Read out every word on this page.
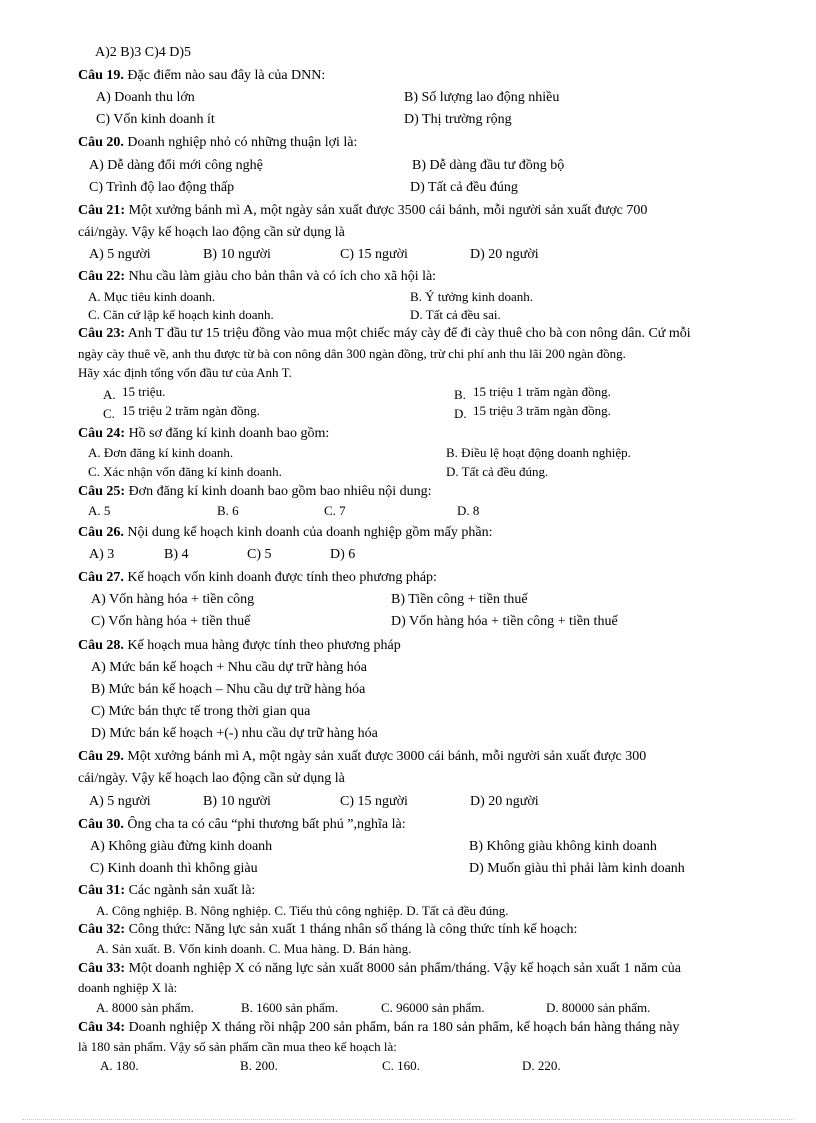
A)2 B)3 C)4 D)5
Câu 19. Đặc điểm nào sau đây là của DNN:
A) Doanh thu lớn	B) Số lượng lao động nhiều
C) Vốn kinh doanh ít	D) Thị trường rộng
Câu 20. Doanh nghiệp nhỏ có những thuận lợi là:
A) Dễ dàng đổi mới công nghệ	B) Dễ dàng đầu tư đồng bộ
C) Trình độ lao động thấp	D) Tất cả đều đúng
Câu 21: Một xưởng bánh mì A, một ngày sản xuất được 3500 cái bánh, mỗi người sản xuất được 700
cái/ngày. Vậy kế hoạch lao động cần sử dụng là
A) 5 người	B) 10 người	C) 15 người	D) 20 người
Câu 22: Nhu cầu làm giàu cho bản thân và có ích cho xã hội là:
A. Mục tiêu kinh doanh.	B. Ý tưởng kinh doanh.
C. Căn cứ lập kế hoạch kinh doanh.	D. Tất cả đều sai.
Câu 23: Anh T đầu tư 15 triệu đồng vào mua một chiếc máy cày để đi cày thuê cho bà con nông dân. Cứ mỗi
ngày cày thuê về, anh thu được từ bà con nông dân 300 ngàn đồng, trừ chi phí anh thu lãi 200 ngàn đồng.
Hãy xác định tổng vốn đầu tư của Anh T.
A. 15 triệu.	B. 15 triệu 1 trăm ngàn đồng.
C. 15 triệu 2 trăm ngàn đồng.	D. 15 triệu 3 trăm ngàn đồng.
Câu 24: Hồ sơ đăng kí kinh doanh bao gồm:
A. Đơn đăng kí kinh doanh.	B. Điều lệ hoạt động doanh nghiệp.
C. Xác nhận vốn đăng kí kinh doanh.	D. Tất cả đều đúng.
Câu 25: Đơn đăng kí kinh doanh bao gồm bao nhiêu nội dung:
A. 5	B. 6	C. 7	D. 8
Câu 26. Nội dung kế hoạch kinh doanh của doanh nghiệp gồm mấy phần:
A) 3	B) 4	C) 5	D) 6
Câu 27. Kế hoạch vốn kinh doanh được tính theo phương pháp:
A) Vốn hàng hóa + tiền công	B) Tiền công + tiền thuế
C) Vốn hàng hóa + tiền thuế	D) Vốn hàng hóa + tiền công + tiền thuế
Câu 28. Kế hoạch mua hàng được tính theo phương pháp
A) Mức bán kế hoạch + Nhu cầu dự trữ hàng hóa
B) Mức bán kế hoạch – Nhu cầu dự trữ hàng hóa
C) Mức bán thực tế trong thời gian qua
D) Mức bán kế hoạch +(-) nhu cầu dự trữ hàng hóa
Câu 29. Một xưởng bánh mì A, một ngày sản xuất được 3000 cái bánh, mỗi người sản xuất được 300
cái/ngày. Vậy kế hoạch lao động cần sử dụng là
A) 5 người	B) 10 người	C) 15 người	D) 20 người
Câu 30. Ông cha ta có câu “phi thương bất phú ”,nghĩa là:
A) Không giàu đừng kinh doanh	B) Không giàu không kinh doanh
C) Kinh doanh thì không giàu	D) Muốn giàu thì phải làm kinh doanh
Câu 31: Các ngành sản xuất là:
A. Công nghiệp. B. Nông nghiệp. C. Tiểu thủ công nghiệp. D. Tất cả đều đúng.
Câu 32: Công thức: Năng lực sản xuất 1 tháng nhân số tháng là công thức tính kế hoạch:
A. Sản xuất. B. Vốn kinh doanh. C. Mua hàng. D. Bán hàng.
Câu 33: Một doanh nghiệp X có năng lực sản xuất 8000 sản phẩm/tháng. Vậy kế hoạch sản xuất 1 năm của
doanh nghiệp X là:
A. 8000 sản phẩm.	B. 1600 sản phẩm.	C. 96000 sản phẩm.	D. 80000 sản phẩm.
Câu 34: Doanh nghiệp X tháng rồi nhập 200 sản phẩm, bán ra 180 sản phẩm, kế hoạch bán hàng tháng này
là 180 sản phẩm. Vậy số sản phẩm cần mua theo kế hoạch là:
A. 180.	B. 200.	C. 160.	D. 220.
